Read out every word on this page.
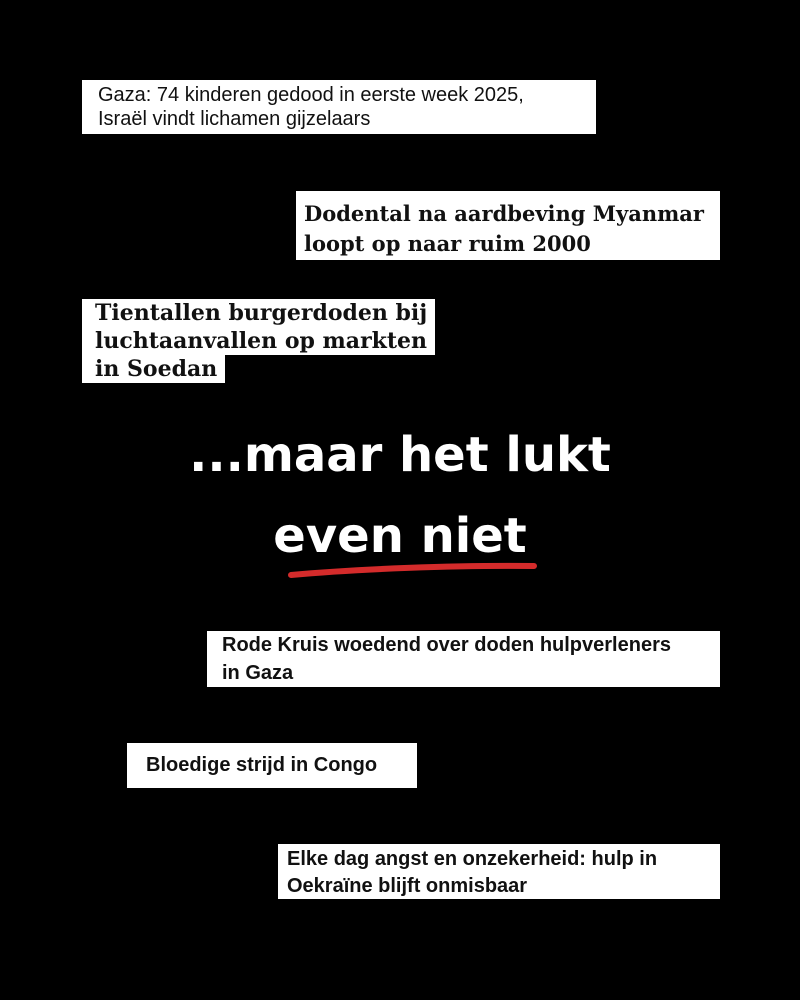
Gaza: 74 kinderen gedood in eerste week 2025,
Israël vindt lichamen gijzelaars
Dodental na aardbeving Myanmar
loopt op naar ruim 2000
Tientallen burgerdoden bij
luchtaanvallen op markten
in Soedan
...maar het lukt
even niet
Rode Kruis woedend over doden hulpverleners
in Gaza
Bloedige strijd in Congo
Elke dag angst en onzekerheid: hulp in
Oekraïne blijft onmisbaar
